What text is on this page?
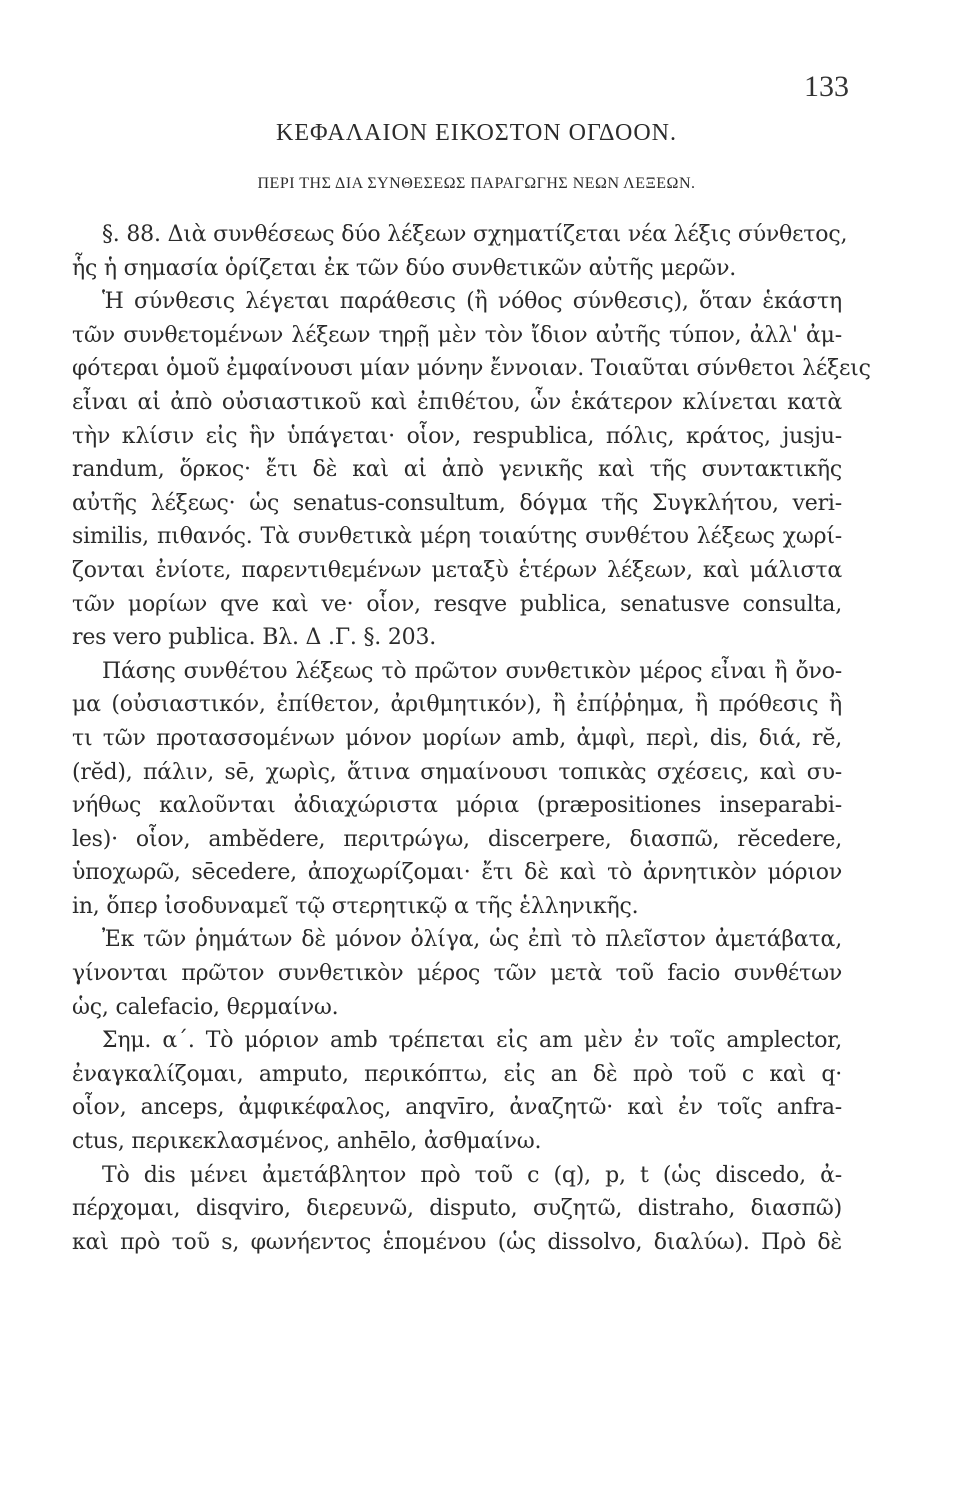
133
ΚΕΦΑΛΑΙΟΝ ΕΙΚΟΣΤΟΝ ΟΓΔΟΟΝ.
ΠΕΡΙ ΤΗΣ ΔΙΑ ΣΥΝΘΕΣΕΩΣ ΠΑΡΑΓΩΓΗΣ ΝΕΩΝ ΛΕΞΕΩΝ.
§. 88. Διὰ συνθέσεως δύο λέξεων σχηματίζεται νέα λέξις σύνθετος,
ἧς ἡ σημασία ὁρίζεται ἐκ τῶν δύο συνθετικῶν αὐτῆς μερῶν.
Ἡ σύνθεσις λέγεται παράθεσις (ἢ νόθος σύνθεσις), ὅταν ἑκάστη
τῶν συνθετομένων λέξεων τηρῇ μὲν τὸν ἴδιον αὐτῆς τύπον, ἀλλ' ἀμ-
φότεραι ὁμοῦ ἐμφαίνουσι μίαν μόνην ἔννοιαν. Τοιαῦται σύνθετοι λέξεις
εἶναι αἱ ἀπὸ οὐσιαστικοῦ καὶ ἐπιθέτου, ὧν ἑκάτερον κλίνεται κατὰ
τὴν κλίσιν εἰς ἣν ὑπάγεται· οἷον, respublica, πόλις, κράτος, jusju-
randum, ὅρκος· ἔτι δὲ καὶ αἱ ἀπὸ γενικῆς καὶ τῆς συντακτικῆς
αὐτῆς λέξεως· ὡς senatus-consultum, δόγμα τῆς Συγκλήτου, veri-
similis, πιθανός. Τὰ συνθετικὰ μέρη τοιαύτης συνθέτου λέξεως χωρί-
ζονται ἐνίοτε, παρεντιθεμένων μεταξὺ ἑτέρων λέξεων, καὶ μάλιστα
τῶν μορίων qve καὶ ve· οἷον, resqve publica, senatusve consulta,
res vero publica. Βλ. Δ .Γ. §. 203.
Πάσης συνθέτου λέξεως τὸ πρῶτον συνθετικὸν μέρος εἶναι ἢ ὄνο-
μα (οὐσιαστικόν, ἐπίθετον, ἀριθμητικόν), ἢ ἐπίῤῥημα, ἢ πρόθεσις ἢ
τι τῶν προτασσομένων μόνον μορίων amb, ἀμφὶ, περὶ, dis, διά, rĕ,
(rĕd), πάλιν, sē, χωρὶς, ἅτινα σημαίνουσι τοπικὰς σχέσεις, καὶ συ-
νήθως καλοῦνται ἀδιαχώριστα μόρια (præpositiones inseparabi-
les)· οἷον, ambĕdere, περιτρώγω, discerpere, διασπῶ, rĕcedere,
ὑποχωρῶ, sēcedere, ἀποχωρίζομαι· ἔτι δὲ καὶ τὸ ἀρνητικὸν μόριον
in, ὅπερ ἰσοδυναμεῖ τῷ στερητικῷ α τῆς ἑλληνικῆς.
Ἐκ τῶν ῥημάτων δὲ μόνον ὀλίγα, ὡς ἐπὶ τὸ πλεῖστον ἀμετάβατα,
γίνονται πρῶτον συνθετικὸν μέρος τῶν μετὰ τοῦ facio συνθέτων
ὡς, calefacio, θερμαίνω.
Σημ. α΄. Τὸ μόριον amb τρέπεται εἰς am μὲν ἐν τοῖς amplector,
ἐναγκαλίζομαι, amputo, περικόπτω, εἰς an δὲ πρὸ τοῦ c καὶ q·
οἷον, anceps, ἀμφικέφαλος, anqvīro, ἀναζητῶ· καὶ ἐν τοῖς anfra-
ctus, περικεκλασμένος, anhēlo, ἀσθμαίνω.
Τὸ dis μένει ἀμετάβλητον πρὸ τοῦ c (q), p, t (ὡς discedo, ἀ-
πέρχομαι, disqviro, διερευνῶ, disputo, συζητῶ, distraho, διασπῶ)
καὶ πρὸ τοῦ s, φωνήεντος ἑπομένου (ὡς dissolvo, διαλύω). Πρὸ δὲ
